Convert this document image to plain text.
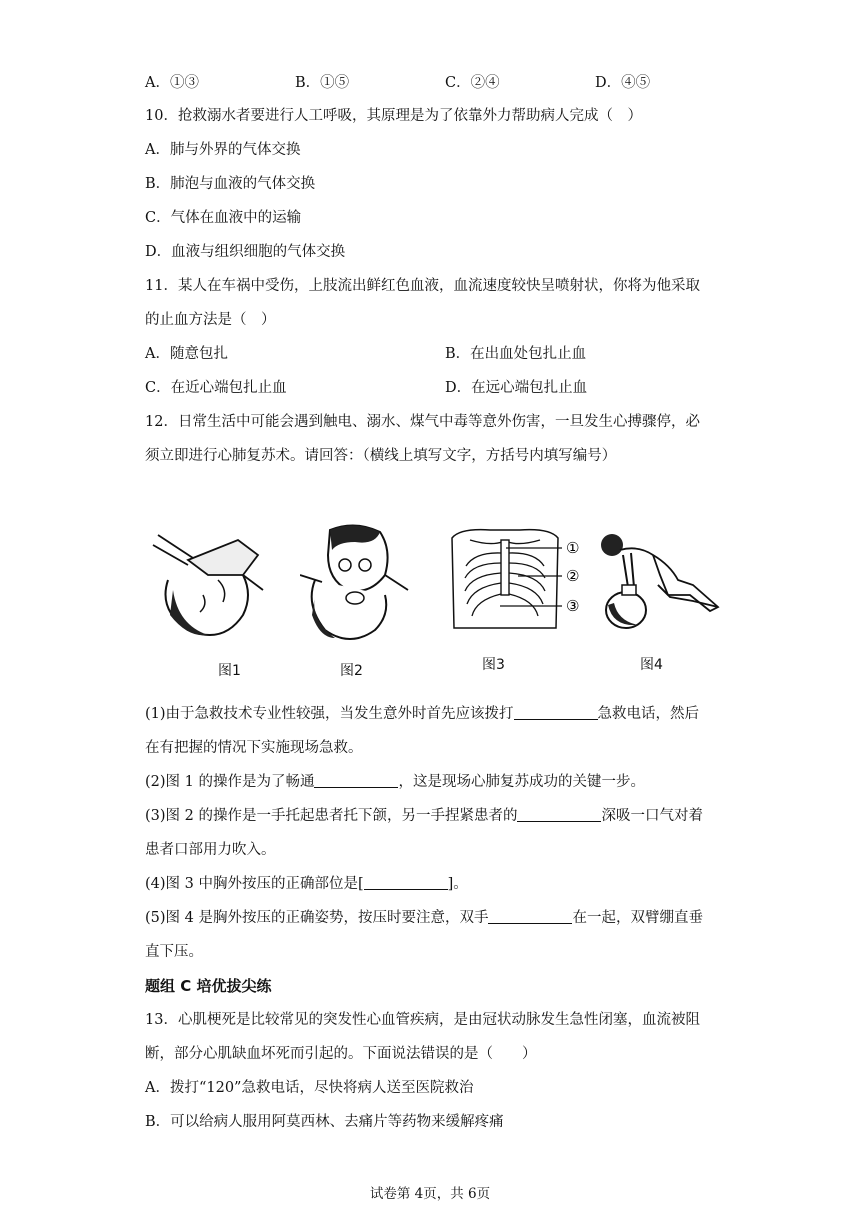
A．①③	B．①⑤	C．②④	D．④⑤
10．抢救溺水者要进行人工呼吸，其原理是为了依靠外力帮助病人完成（　）
A．肺与外界的气体交换
B．肺泡与血液的气体交换
C．气体在血液中的运输
D．血液与组织细胞的气体交换
11．某人在车祸中受伤，上肢流出鲜红色血液，血流速度较快呈喷射状，你将为他采取
的止血方法是（　）
A．随意包扎	B．在出血处包扎止血
C．在近心端包扎止血	D．在远心端包扎止血
12．日常生活中可能会遇到触电、溺水、煤气中毒等意外伤害，一旦发生心搏骤停，必
须立即进行心肺复苏术。请回答：（横线上填写文字，方括号内填写编号）
①
②
③
图1	图2	图3	图4
(1)由于急救技术专业性较强，当发生意外时首先应该拨打	急救电话，然后
在有把握的情况下实施现场急救。
(2)图 1 的操作是为了畅通	，这是现场心肺复苏成功的关键一步。
(3)图 2 的操作是一手托起患者托下颌，另一手捏紧患者的	深吸一口气对着
患者口部用力吹入。
(4)图 3 中胸外按压的正确部位是[	]。
(5)图 4 是胸外按压的正确姿势，按压时要注意，双手	在一起，双臂绷直垂
直下压。
题组 C 培优拔尖练
13．心肌梗死是比较常见的突发性心血管疾病，是由冠状动脉发生急性闭塞，血流被阻
断，部分心肌缺血坏死而引起的。下面说法错误的是（　　）
A．拨打“120”急救电话，尽快将病人送至医院救治
B．可以给病人服用阿莫西林、去痛片等药物来缓解疼痛
试卷第 4页，共 6页
